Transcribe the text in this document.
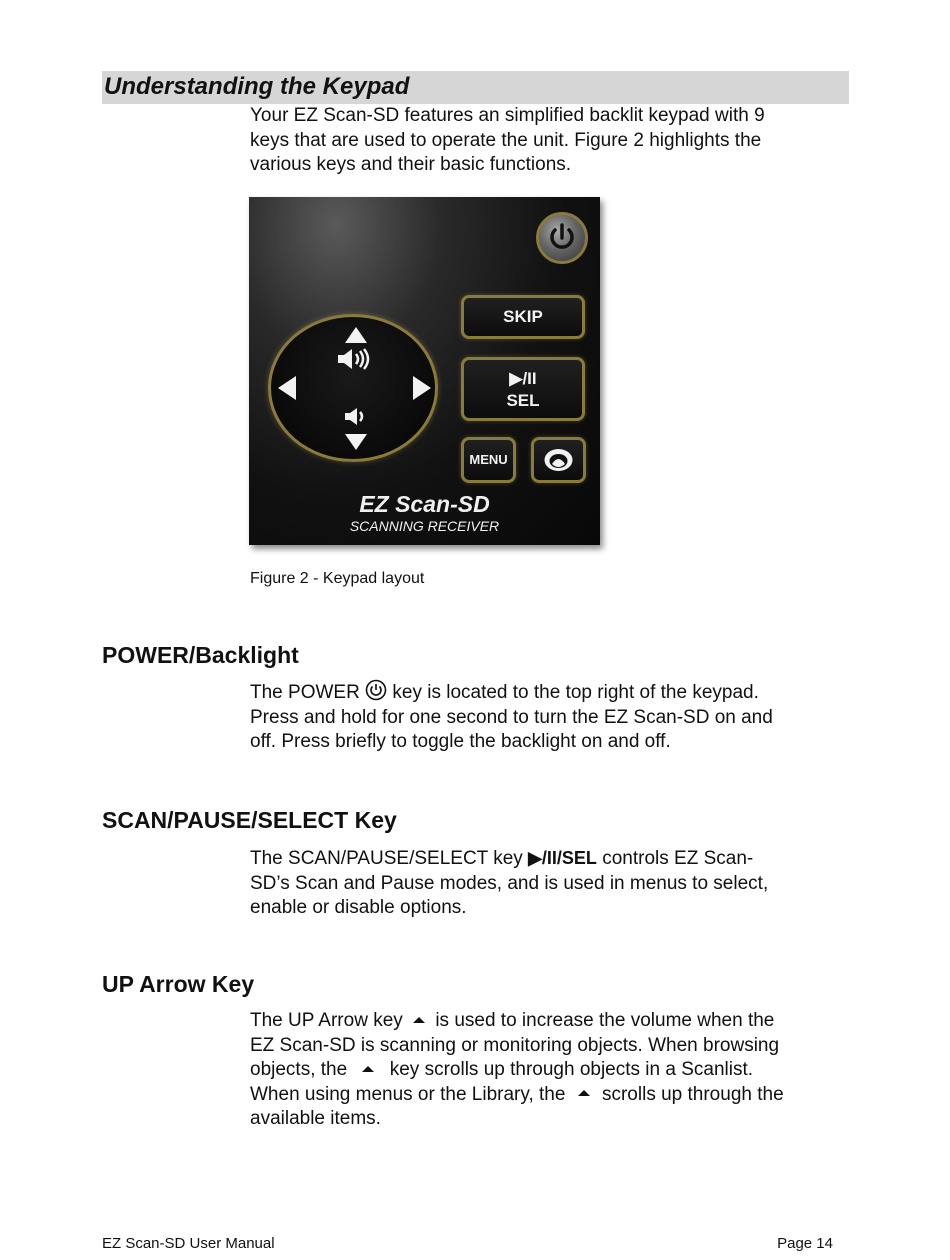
Understanding the Keypad
Your EZ Scan-SD features an simplified backlit keypad with 9
keys that are used to operate the unit. Figure 2 highlights the
various keys and their basic functions.
SKIP
▶/II
SEL
MENU
EZ Scan-SD
SCANNING RECEIVER
Figure 2 - Keypad layout
POWER/Backlight
The POWER key is located to the top right of the keypad.
Press and hold for one second to turn the EZ Scan-SD on and
off. Press briefly to toggle the backlight on and off.
SCAN/PAUSE/SELECT Key
The SCAN/PAUSE/SELECT key ▶/II/SEL controls EZ Scan-
SD’s Scan and Pause modes, and is used in menus to select,
enable or disable options.
UP Arrow Key
The UP Arrow key is used to increase the volume when the
EZ Scan-SD is scanning or monitoring objects. When browsing
objects, the key scrolls up through objects in a Scanlist.
When using menus or the Library, the scrolls up through the
available items.
EZ Scan-SD User Manual	Page 14
